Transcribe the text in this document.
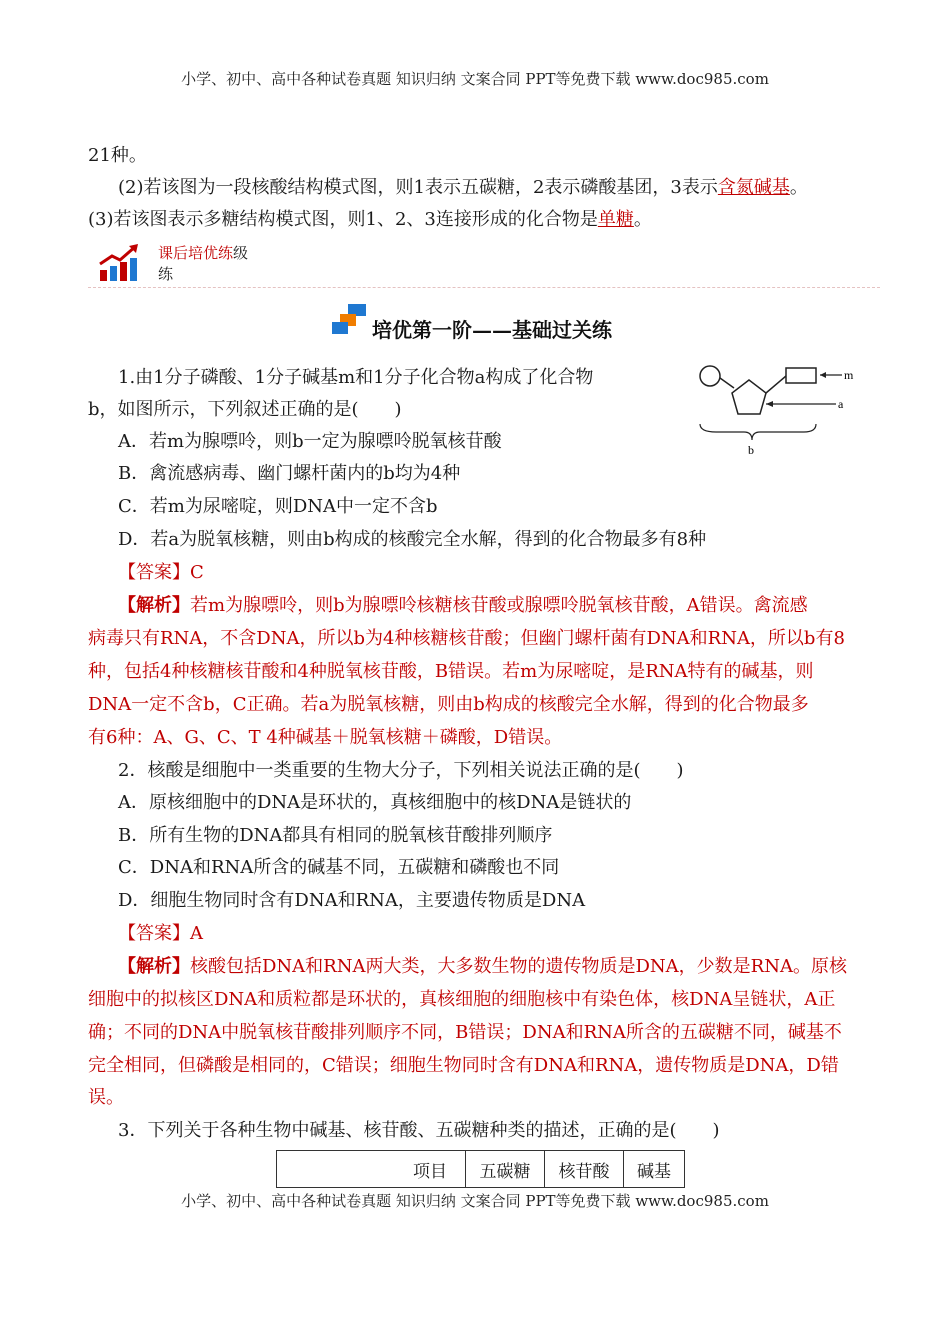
小学、初中、高中各种试卷真题 知识归纳 文案合同 PPT等免费下载 www.doc985.com
21种。
(2)若该图为一段核酸结构模式图，则1表示五碳糖，2表示磷酸基团，3表示含氮碱基。
(3)若该图表示多糖结构模式图，则1、2、3连接形成的化合物是单糖。
课后培优练级
练
培优第一阶——基础过关练
1.由1分子磷酸、1分子碱基m和1分子化合物a构成了化合物
b，如图所示，下列叙述正确的是(　　)
m
a
b
A．若m为腺嘌呤，则b一定为腺嘌呤脱氧核苷酸
B．禽流感病毒、幽门螺杆菌内的b均为4种
C．若m为尿嘧啶，则DNA中一定不含b
D．若a为脱氧核糖，则由b构成的核酸完全水解，得到的化合物最多有8种
【答案】C
【解析】若m为腺嘌呤，则b为腺嘌呤核糖核苷酸或腺嘌呤脱氧核苷酸，A错误。禽流感
病毒只有RNA，不含DNA，所以b为4种核糖核苷酸；但幽门螺杆菌有DNA和RNA，所以b有8
种，包括4种核糖核苷酸和4种脱氧核苷酸，B错误。若m为尿嘧啶，是RNA特有的碱基，则
DNA一定不含b，C正确。若a为脱氧核糖，则由b构成的核酸完全水解，得到的化合物最多
有6种：A、G、C、T 4种碱基＋脱氧核糖＋磷酸，D错误。
2．核酸是细胞中一类重要的生物大分子，下列相关说法正确的是(　　)
A．原核细胞中的DNA是环状的，真核细胞中的核DNA是链状的
B．所有生物的DNA都具有相同的脱氧核苷酸排列顺序
C．DNA和RNA所含的碱基不同，五碳糖和磷酸也不同
D．细胞生物同时含有DNA和RNA，主要遗传物质是DNA
【答案】A
【解析】核酸包括DNA和RNA两大类，大多数生物的遗传物质是DNA，少数是RNA。原核
细胞中的拟核区DNA和质粒都是环状的，真核细胞的细胞核中有染色体，核DNA呈链状，A正
确；不同的DNA中脱氧核苷酸排列顺序不同，B错误；DNA和RNA所含的五碳糖不同，碱基不
完全相同，但磷酸是相同的，C错误；细胞生物同时含有DNA和RNA，遗传物质是DNA，D错
误。
3．下列关于各种生物中碱基、核苷酸、五碳糖种类的描述，正确的是(　　)
项目	五碳糖	核苷酸	碱基
小学、初中、高中各种试卷真题 知识归纳 文案合同 PPT等免费下载 www.doc985.com
